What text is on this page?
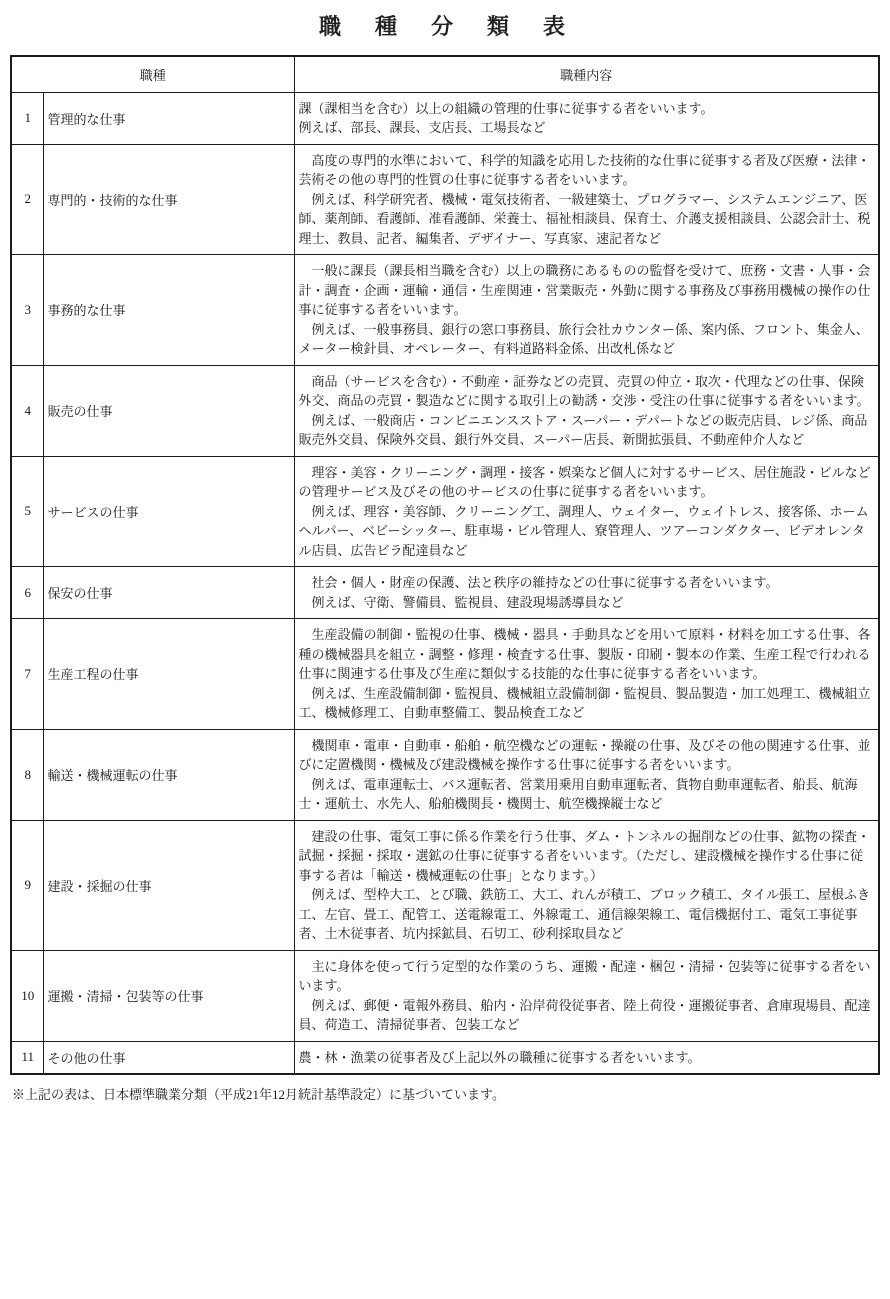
職　種　分　類　表
職種		職種内容
1	管理的な仕事	課（課相当を含む）以上の組織の管理的仕事に従事する者をいいます。
例えば、部長、課長、支店長、工場長など

2	専門的・技術的な仕事	　高度の専門的水準において、科学的知識を応用した技術的な仕事に従事する者及び医療・法律・芸術その他の専門的性質の仕事に従事する者をいいます。
　例えば、科学研究者、機械・電気技術者、一級建築士、プログラマー、システムエンジニア、医師、薬剤師、看護師、准看護師、栄養士、福祉相談員、保育士、介護支援相談員、公認会計士、税理士、教員、記者、編集者、デザイナー、写真家、速記者など

3	事務的な仕事	　一般に課長（課長相当職を含む）以上の職務にあるものの監督を受けて、庶務・文書・人事・会計・調査・企画・運輸・通信・生産関連・営業販売・外勤に関する事務及び事務用機械の操作の仕事に従事する者をいいます。
　例えば、一般事務員、銀行の窓口事務員、旅行会社カウンター係、案内係、フロント、集金人、メーター検針員、オペレーター、有料道路料金係、出改札係など

4	販売の仕事	　商品（サービスを含む）・不動産・証券などの売買、売買の仲立・取次・代理などの仕事、保険外交、商品の売買・製造などに関する取引上の勧誘・交渉・受注の仕事に従事する者をいいます。
　例えば、一般商店・コンビニエンスストア・スーパー・デパートなどの販売店員、レジ係、商品販売外交員、保険外交員、銀行外交員、スーパー店長、新聞拡張員、不動産仲介人など

5	サービスの仕事	　理容・美容・クリーニング・調理・接客・娯楽など個人に対するサービス、居住施設・ビルなどの管理サービス及びその他のサービスの仕事に従事する者をいいます。
　例えば、理容・美容師、クリーニング工、調理人、ウェイター、ウェイトレス、接客係、ホームヘルパー、ベビーシッター、駐車場・ビル管理人、寮管理人、ツアーコンダクター、ビデオレンタル店員、広告ビラ配達員など

6	保安の仕事	　社会・個人・財産の保護、法と秩序の維持などの仕事に従事する者をいいます。
　例えば、守衛、警備員、監視員、建設現場誘導員など

7	生産工程の仕事	　生産設備の制御・監視の仕事、機械・器具・手動具などを用いて原料・材料を加工する仕事、各種の機械器具を組立・調整・修理・検査する仕事、製版・印刷・製本の作業、生産工程で行われる仕事に関連する仕事及び生産に類似する技能的な仕事に従事する者をいいます。
　例えば、生産設備制御・監視員、機械組立設備制御・監視員、製品製造・加工処理工、機械組立工、機械修理工、自動車整備工、製品検査工など

8	輸送・機械運転の仕事	　機関車・電車・自動車・船舶・航空機などの運転・操縦の仕事、及びその他の関連する仕事、並びに定置機関・機械及び建設機械を操作する仕事に従事する者をいいます。
　例えば、電車運転士、バス運転者、営業用乗用自動車運転者、貨物自動車運転者、船長、航海士・運航士、水先人、船舶機関長・機関士、航空機操縦士など

9	建設・採掘の仕事	　建設の仕事、電気工事に係る作業を行う仕事、ダム・トンネルの掘削などの仕事、鉱物の探査・試掘・採掘・採取・選鉱の仕事に従事する者をいいます。（ただし、建設機械を操作する仕事に従事する者は「輸送・機械運転の仕事」となります。）
　例えば、型枠大工、とび職、鉄筋工、大工、れんが積工、ブロック積工、タイル張工、屋根ふき工、左官、畳工、配管工、送電線電工、外線電工、通信線架線工、電信機据付工、電気工事従事者、土木従事者、坑内採鉱員、石切工、砂利採取員など

10	運搬・清掃・包装等の仕事	　主に身体を使って行う定型的な作業のうち、運搬・配達・梱包・清掃・包装等に従事する者をいいます。
　例えば、郵便・電報外務員、船内・沿岸荷役従事者、陸上荷役・運搬従事者、倉庫現場員、配達員、荷造工、清掃従事者、包装工など

11	その他の仕事	農・林・漁業の従事者及び上記以外の職種に従事する者をいいます。
※上記の表は、日本標準職業分類（平成21年12月統計基準設定）に基づいています。
